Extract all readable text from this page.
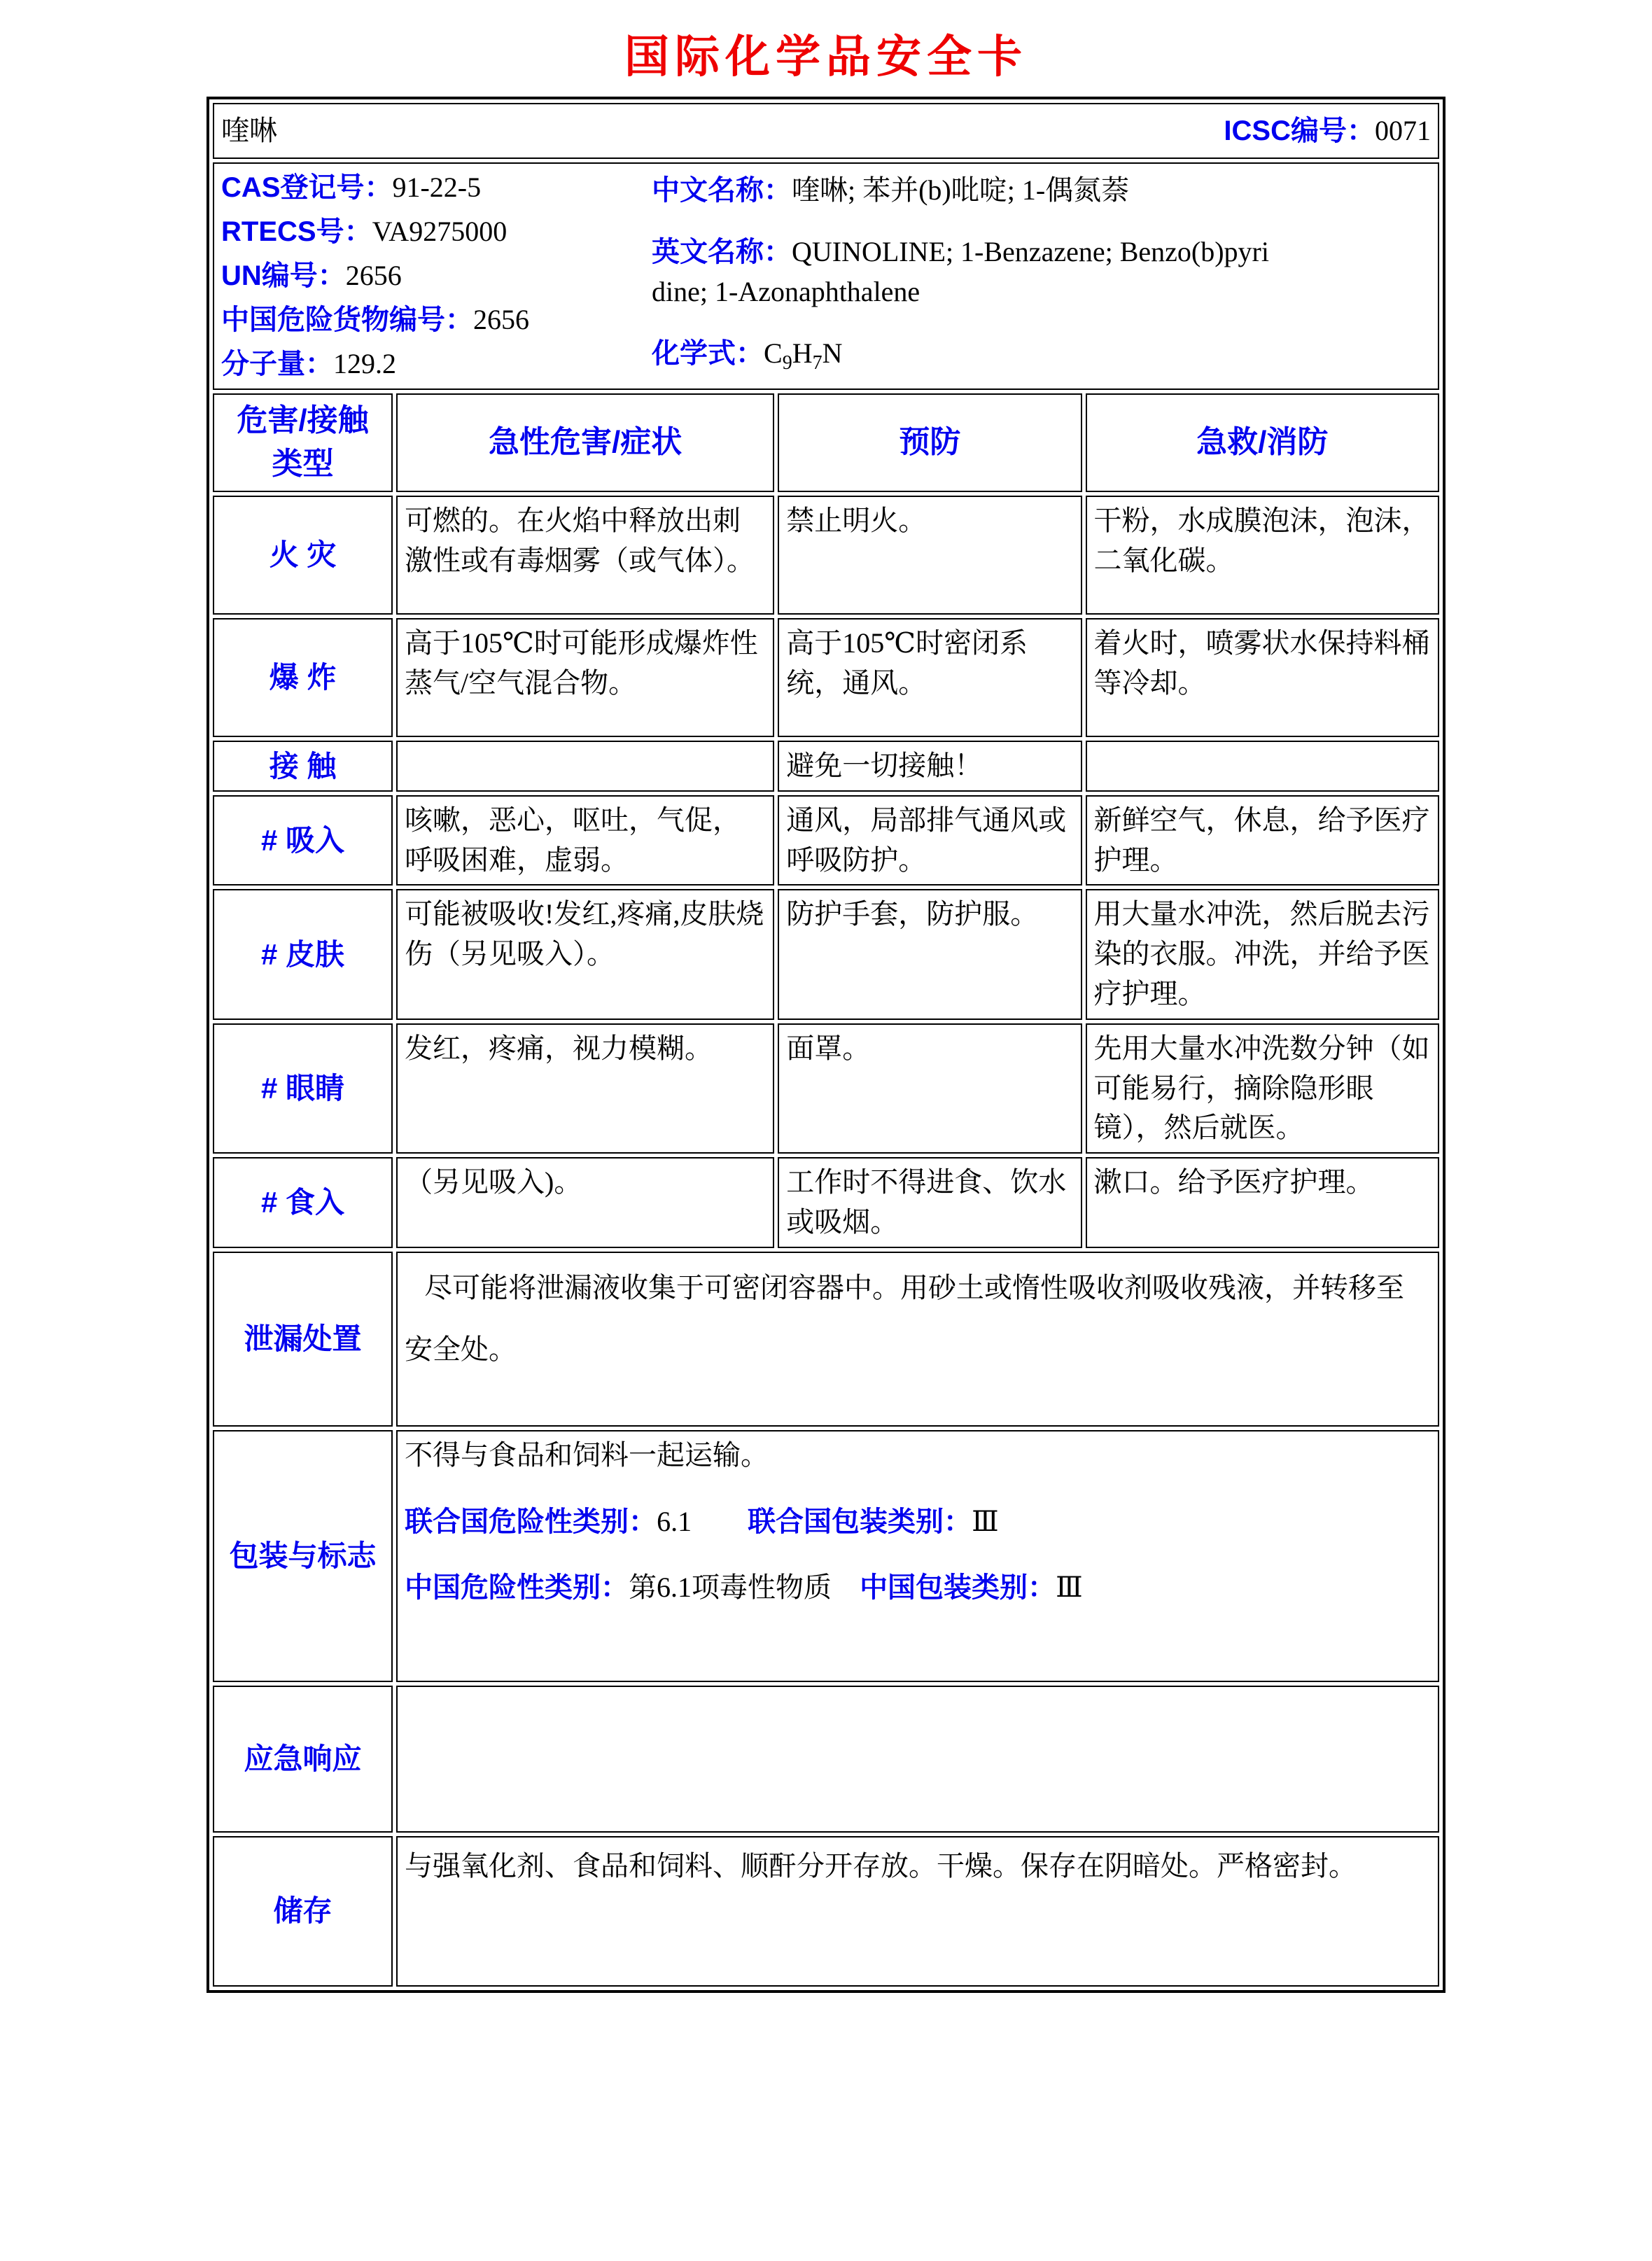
国际化学品安全卡
喹啉 ICSC编号：0071			

CAS登记号：91-22-5
RTECS号：VA9275000
UN编号：2656
中国危险货物编号：2656
分子量：129.2
中文名称：喹啉; 苯并(b)吡啶; 1-偶氮萘
英文名称：QUINOLINE; 1-Benzazene; Benzo(b)pyridine; 1-Azonaphthalene
化学式：$C_9H_7N$

危害/接触
类型	急性危害/症状	预防	急救/消防
火 灾	可燃的。在火焰中释放出刺激性或有毒烟雾（或气体）。	禁止明火。	干粉，水成膜泡沫，泡沫，二氧化碳。
爆 炸	高于105℃时可能形成爆炸性蒸气/空气混合物。	高于105℃时密闭系统，通风。	着火时，喷雾状水保持料桶等冷却。
接 触		避免一切接触！	
# 吸入	咳嗽，恶心，呕吐，气促，呼吸困难，虚弱。	通风，局部排气通风或呼吸防护。	新鲜空气，休息，给予医疗护理。
# 皮肤	可能被吸收!发红,疼痛,皮肤烧伤（另见吸入）。	防护手套，防护服。	用大量水冲洗，然后脱去污染的衣服。冲洗，并给予医疗护理。
# 眼睛	发红，疼痛，视力模糊。	面罩。	先用大量水冲洗数分钟（如可能易行，摘除隐形眼镜），然后就医。
# 食入	（另见吸入)。	工作时不得进食、饮水或吸烟。	漱口。给予医疗护理。
泄漏处置	尽可能将泄漏液收集于可密闭容器中。用砂土或惰性吸收剂吸收残液，并转移至安全处。		

包装与标志	不得与食品和饲料一起运输。
联合国危险性类别：6.1 联合国包装类别：Ⅲ
中国危险性类别：第6.1项毒性物质 中国包装类别：Ⅲ		

应急响应			
储存	与强氧化剂、食品和饲料、顺酐分开存放。干燥。保存在阴暗处。严格密封。		
